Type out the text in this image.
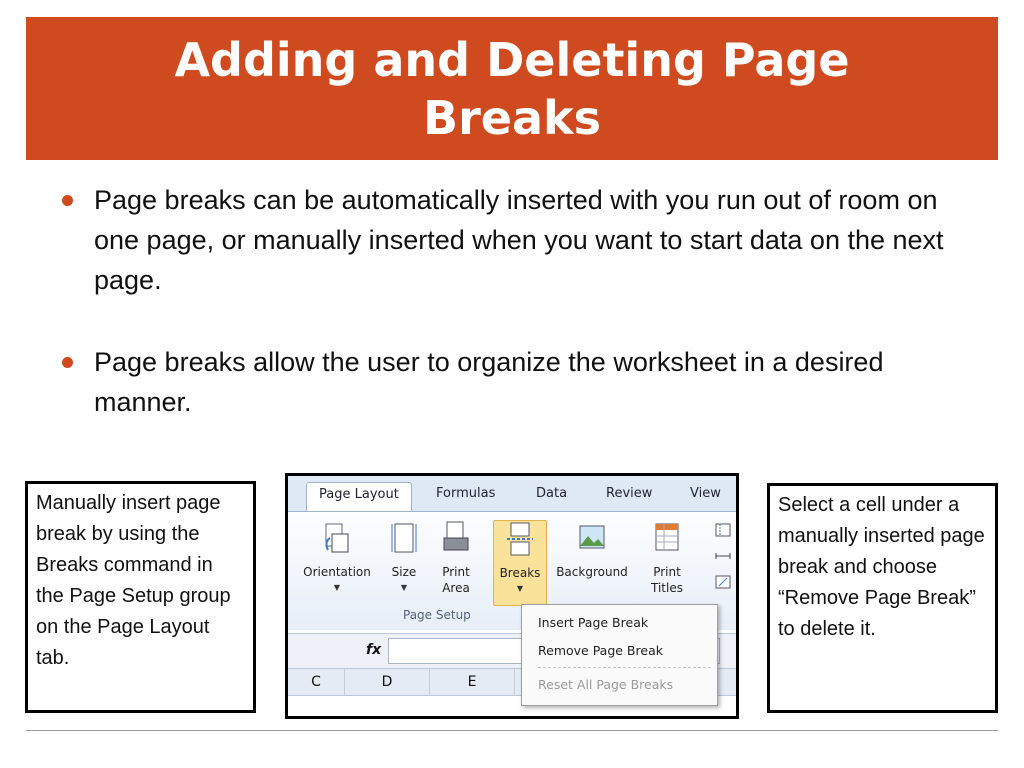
Adding and Deleting Page Breaks
Page breaks can be automatically inserted with you run out of room on one page, or manually inserted when you want to start data on the next page.
Page breaks allow the user to organize the worksheet in a desired manner.
Manually insert page break by using the Breaks command in the Page Setup group on the Page Layout tab.
Select a cell under a manually inserted page break and choose “Remove Page Break” to delete it.
Page Layout	Formulas	Data	Review	View
Orientation
▼
Size
▼
Print Area
Breaks
▼
Background	Print Titles
Page Setup
fx
C	D	E
Insert Page Break
Remove Page Break
Reset All Page Breaks
